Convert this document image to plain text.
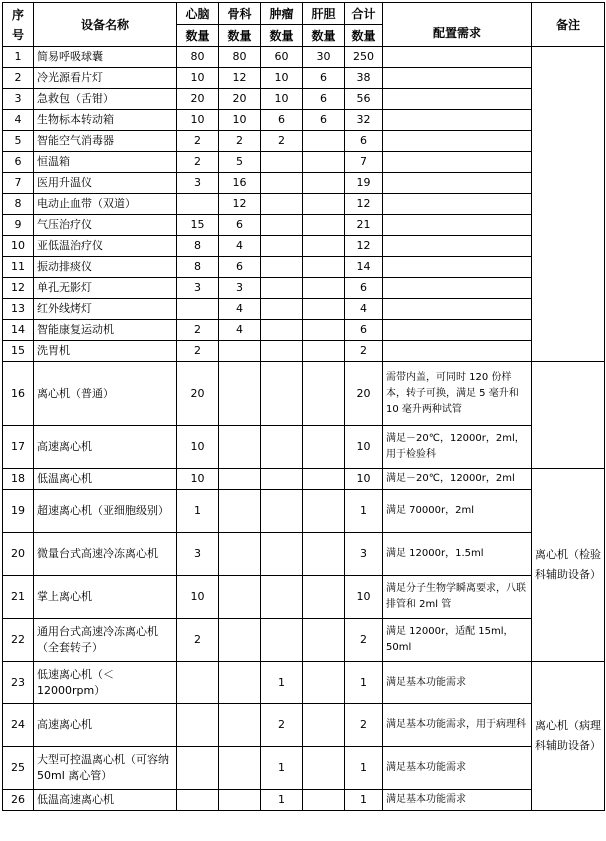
序号	设备名称	心脑	骨科	肿瘤	肝胆	合计	配置需求	备注
		数量	数量	数量	数量	数量		
1	简易呼吸球囊	80	80	60	30	250		
2	冷光源看片灯	10	12	10	6	38		
3	急救包（舌钳）	20	20	10	6	56		
4	生物标本转动箱	10	10	6	6	32		
5	智能空气消毒器	2	2	2		6		
6	恒温箱	2	5			7		
7	医用升温仪	3	16			19		
8	电动止血带（双道）		12			12		
9	气压治疗仪	15	6			21		
10	亚低温治疗仪	8	4			12		
11	振动排痰仪	8	6			14		
12	单孔无影灯	3	3			6		
13	红外线烤灯		4			4		
14	智能康复运动机	2	4			6		
15	洗胃机	2				2		
16	离心机（普通）	20				20	需带内盖，可同时 120 份样本，转子可换，满足 5 毫升和 10 毫升两种试管	
17	高速离心机	10				10	满足－20℃，12000r，2ml，用于检验科	
18	低温离心机	10				10	满足－20℃，12000r，2ml	离心机（检验科辅助设备）
19	超速离心机（亚细胞级别）	1				1	满足 70000r，2ml	
20	微量台式高速冷冻离心机	3				3	满足 12000r，1.5ml	
21	掌上离心机	10				10	满足分子生物学瞬离要求，八联排管和 2ml 管	
22	通用台式高速冷冻离心机（全套转子）	2				2	满足 12000r，适配 15ml，50ml	
23	低速离心机（＜12000rpm）			1		1	满足基本功能需求	离心机（病理科辅助设备）
24	高速离心机			2		2	满足基本功能需求，用于病理科	
25	大型可控温离心机（可容纳 50ml 离心管）			1		1	满足基本功能需求	
26	低温高速离心机			1		1	满足基本功能需求	
